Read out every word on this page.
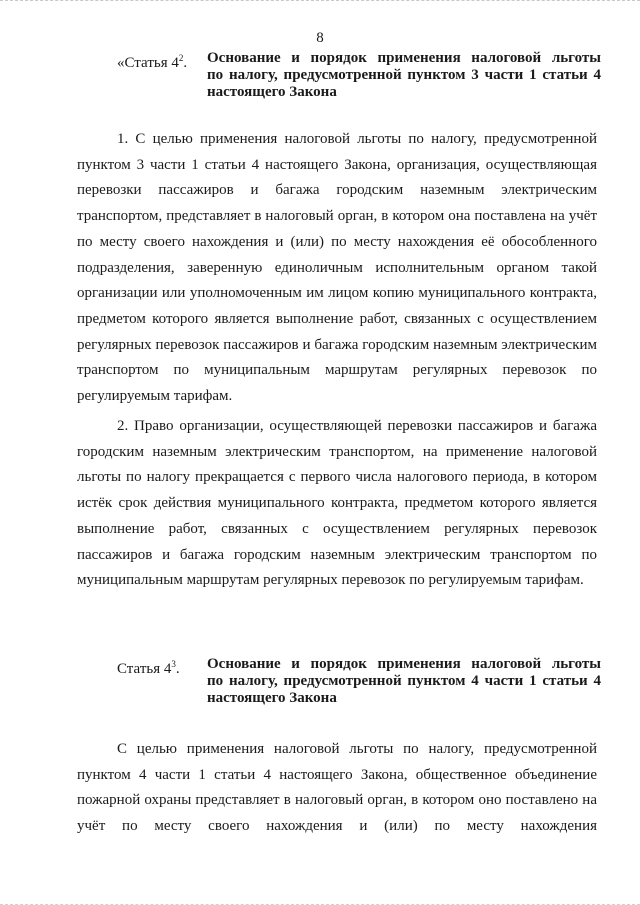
8
«Статья $4^2$. Основание и порядок применения налоговой льготы
по налогу, предусмотренной пунктом 3 части 1 статьи 4
настоящего Закона

1. С целью применения налоговой льготы по налогу, предусмотренной пунктом 3 части 1 статьи 4 настоящего Закона, организация, осуществляющая перевозки пассажиров и багажа городским наземным электрическим транспортом, представляет в налоговый орган, в котором она поставлена на учёт по месту своего нахождения и (или) по месту нахождения её обособленного подразделения, заверенную единоличным исполнительным органом такой организации или уполномоченным им лицом копию муниципального контракта, предметом которого является выполнение работ, связанных с осуществлением регулярных перевозок пассажиров и багажа городским наземным электрическим транспортом по муниципальным маршрутам регулярных перевозок по регулируемым тарифам.

2. Право организации, осуществляющей перевозки пассажиров и багажа городским наземным электрическим транспортом, на применение налоговой льготы по налогу прекращается с первого числа налогового периода, в котором истёк срок действия муниципального контракта, предметом которого является выполнение работ, связанных с осуществлением регулярных перевозок пассажиров и багажа городским наземным электрическим транспортом по муниципальным маршрутам регулярных перевозок по регулируемым тарифам.

Статья $4^3$. Основание и порядок применения налоговой льготы
по налогу, предусмотренной пунктом 4 части 1 статьи 4
настоящего Закона

С целью применения налоговой льготы по налогу, предусмотренной пунктом 4 части 1 статьи 4 настоящего Закона, общественное объединение пожарной охраны представляет в налоговый орган, в котором оно поставлено на учёт по месту своего нахождения и (или) по месту нахождения
